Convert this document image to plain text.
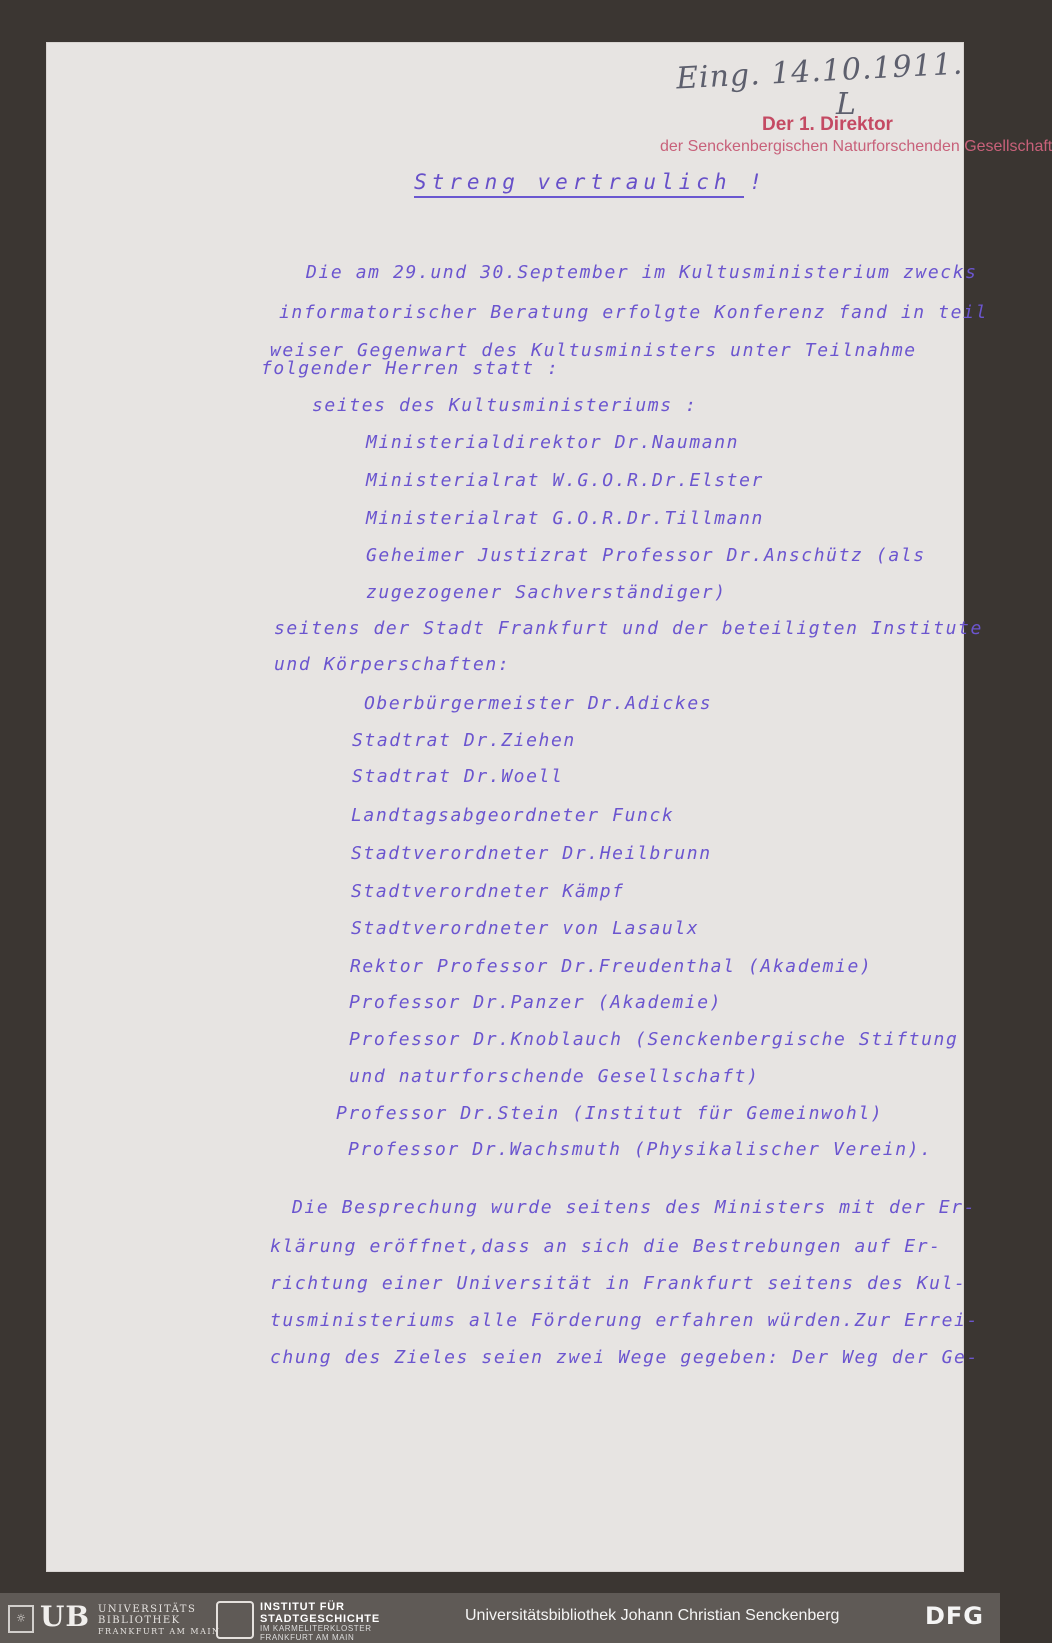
Eing. 14.10.1911.
L
Der 1. Direktor
der Senckenbergischen Naturforschenden Gesellschaft
Streng vertraulich !
Die am 29.und 30.September im Kultusministerium zwecks
informatorischer Beratung erfolgte Konferenz fand in teil
weiser Gegenwart des Kultusministers unter Teilnahme
folgender Herren statt :
seites des Kultusministeriums :
Ministerialdirektor Dr.Naumann
Ministerialrat W.G.O.R.Dr.Elster
Ministerialrat G.O.R.Dr.Tillmann
Geheimer Justizrat Professor Dr.Anschütz (als
zugezogener Sachverständiger)
seitens der Stadt Frankfurt und der beteiligten Institute
und Körperschaften:
Oberbürgermeister Dr.Adickes
Stadtrat Dr.Ziehen
Stadtrat Dr.Woell
Landtagsabgeordneter Funck
Stadtverordneter Dr.Heilbrunn
Stadtverordneter Kämpf
Stadtverordneter von Lasaulx
Rektor Professor Dr.Freudenthal (Akademie)
Professor Dr.Panzer (Akademie)
Professor Dr.Knoblauch (Senckenbergische Stiftung
und naturforschende Gesellschaft)
Professor Dr.Stein (Institut für Gemeinwohl)
Professor Dr.Wachsmuth (Physikalischer Verein).
Die Besprechung wurde seitens des Ministers mit der Er-
klärung eröffnet,dass an sich die Bestrebungen auf Er-
richtung einer Universität in Frankfurt seitens des Kul-
tusministeriums alle Förderung erfahren würden.Zur Errei-
chung des Zieles seien zwei Wege gegeben: Der Weg der Ge-
☼ UB UNIVERSITÄTS
BIBLIOTHEK
FRANKFURT AM MAIN
INSTITUT FÜR
STADTGESCHICHTE
IM KARMELITERKLOSTER
FRANKFURT AM MAIN
Universitätsbibliothek Johann Christian Senckenberg	DFG
